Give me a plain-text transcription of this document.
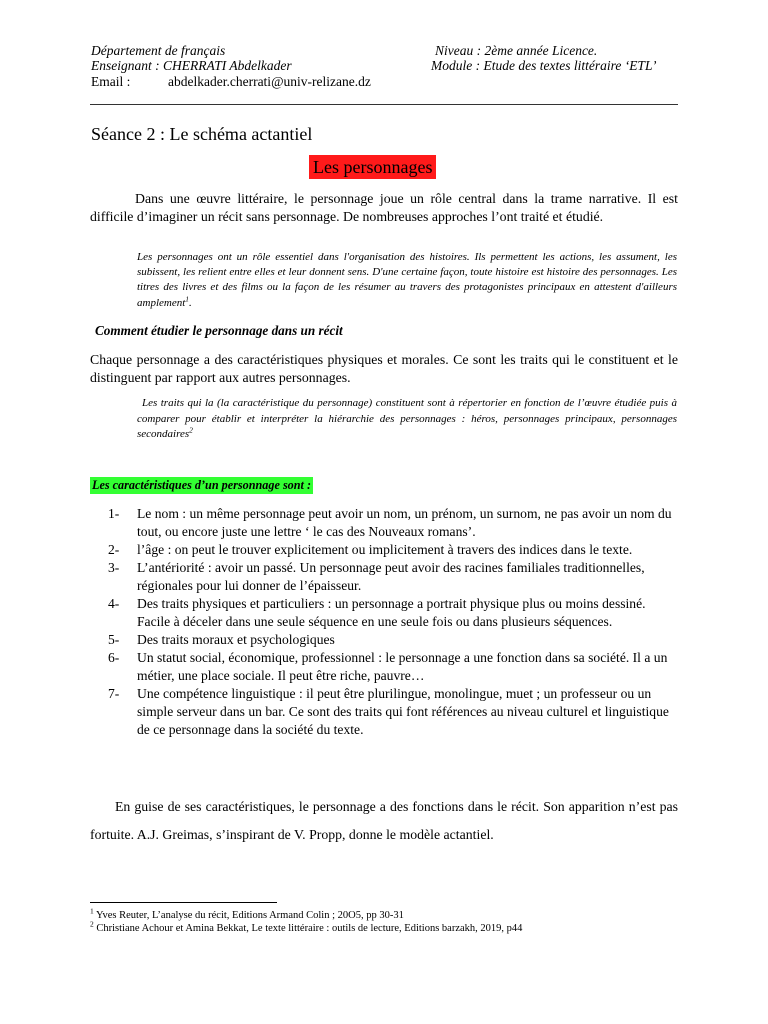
Département de français
Enseignant : CHERRATI Abdelkader
Email :	abdelkader.cherrati@univ-relizane.dz
Niveau : 2ème année Licence.
Module : Etude des textes littéraire ‘ETL’
Séance 2 : Le schéma actantiel
Les personnages
Dans une œuvre littéraire, le personnage joue un rôle central dans la trame narrative. Il est difficile d’imaginer un récit sans personnage. De nombreuses approches l’ont traité et étudié.
Les personnages ont un rôle essentiel dans l'organisation des histoires. Ils permettent les actions, les assument, les subissent, les relient entre elles et leur donnent sens. D'une certaine façon, toute histoire est histoire des personnages. Les titres des livres et des films ou la façon de les résumer au travers des protagonistes principaux en attestent d'ailleurs amplement$^1$.
Comment étudier le personnage dans un récit
Chaque personnage a des caractéristiques physiques et morales. Ce sont les traits qui le constituent et le distinguent par rapport aux autres personnages.
Les traits qui la (la caractéristique du personnage) constituent sont à répertorier en fonction de l’œuvre étudiée puis à comparer pour établir et interpréter la hiérarchie des personnages : héros, personnages principaux, personnages secondaires$^2$
Les caractéristiques d’un personnage sont :
1- Le nom : un même personnage peut avoir un nom, un prénom, un surnom, ne pas avoir un nom du tout, ou encore juste une lettre ‘ le cas des Nouveaux romans’.
2- l’âge : on peut le trouver explicitement ou implicitement à travers des indices dans le texte.
3- L’antériorité : avoir un passé. Un personnage peut avoir des racines familiales traditionnelles, régionales pour lui donner de l’épaisseur.
4- Des traits physiques et particuliers : un personnage a portrait physique plus ou moins dessiné. Facile à déceler dans une seule séquence en une seule fois ou dans plusieurs séquences.
5- Des traits moraux et psychologiques
6- Un statut social, économique, professionnel : le personnage a une fonction dans sa société. Il a un métier, une place sociale. Il peut être riche, pauvre…
7- Une compétence linguistique : il peut être plurilingue, monolingue, muet ; un professeur ou un simple serveur dans un bar. Ce sont des traits qui font références au niveau culturel et linguistique de ce personnage dans la société du texte.
En guise de ses caractéristiques, le personnage a des fonctions dans le récit. Son apparition n’est pas fortuite. A.J. Greimas, s’inspirant de V. Propp, donne le modèle actantiel.
$^1$ Yves Reuter, L’analyse du récit, Editions Armand Colin ; 20O5, pp 30-31
$^2$ Christiane Achour et Amina Bekkat, Le texte littéraire : outils de lecture, Editions barzakh, 2019, p44
